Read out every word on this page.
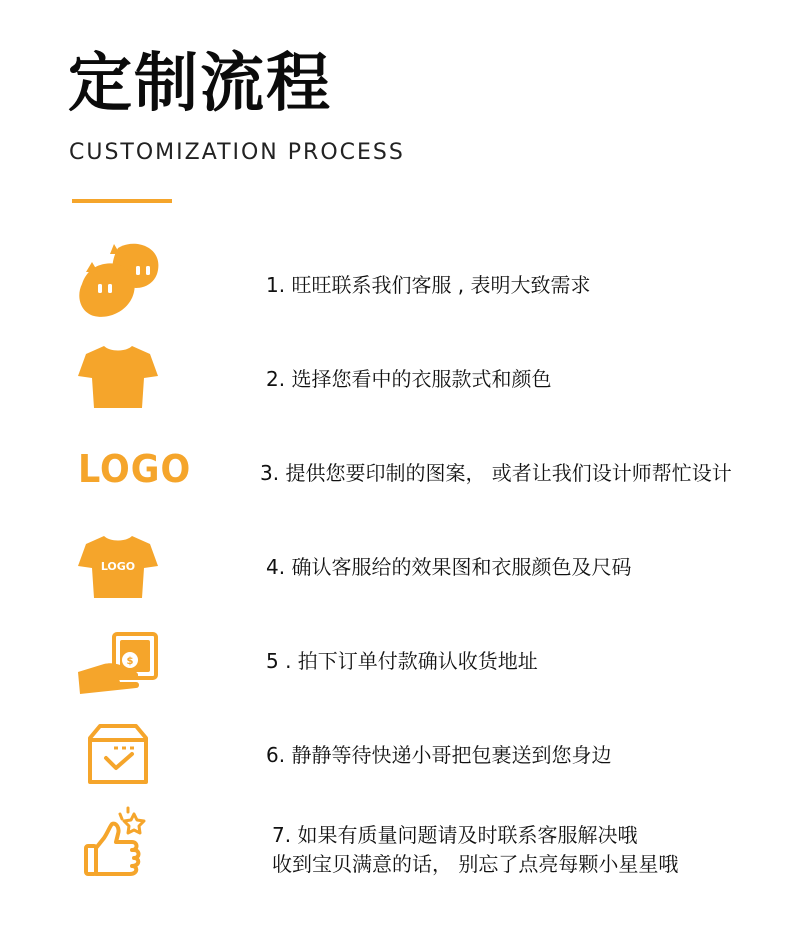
定制流程
CUSTOMIZATION PROCESS
1. 旺旺联系我们客服 , 表明大致需求
2. 选择您看中的衣服款式和颜色
LOGO	3. 提供您要印制的图案， 或者让我们设计师帮忙设计
LOGO	4. 确认客服给的效果图和衣服颜色及尺码
$	5 . 拍下订单付款确认收货地址
6. 静静等待快递小哥把包裹送到您身边
7. 如果有质量问题请及时联系客服解决哦
收到宝贝满意的话， 别忘了点亮每颗小星星哦
